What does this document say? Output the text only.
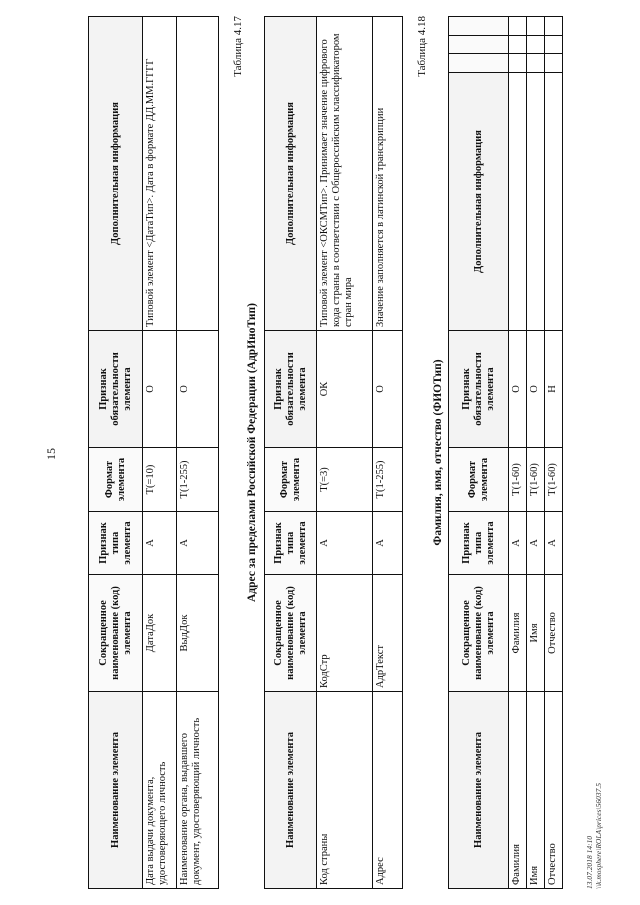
15
Наименование элемента	Сокращенное наименование (код) элемента	Признак типа элемента	Формат элемента	Признак обязательности элемента	Дополнительная информация
Дата выдачи документа, удостоверяющего личность	ДатаДок	А	Т(=10)	О	Типовой элемент <ДатаТип>. Дата в формате ДД.ММ.ГГГГ
Наименование органа, выдавшего документ, удостоверяющий личность	ВыдДок	А	Т(1-255)	О	
Таблица 4.17
Адрес за пределами Российской Федерации (АдрИноТип)
Наименование элемента	Сокращенное наименование (код) элемента	Признак типа элемента	Формат элемента	Признак обязательности элемента	Дополнительная информация
Код страны	КодСтр	А	Т(=3)	ОК	Типовой элемент <ОКСМТип>. Принимает значение цифрового кода страны в соответствии с Общероссийским классификатором стран мира
Адрес	АдрТекст	А	Т(1-255)	О	Значение заполняется в латинской транскрипции
Таблица 4.18
Фамилия, имя, отчество (ФИОТип)
Наименование элемента	Сокращенное наименование (код) элемента	Признак типа элемента	Формат элемента	Признак обязательности элемента	Дополнительная информация			
Фамилия	Фамилия	А	Т(1-60)	О				
Имя	Имя	А	Т(1-60)	О				
Отчество	Отчество	А	Т(1-60)	Н				
13.07.2018 14:10 \\k.mosphere\ROLA\prices\56037.5
